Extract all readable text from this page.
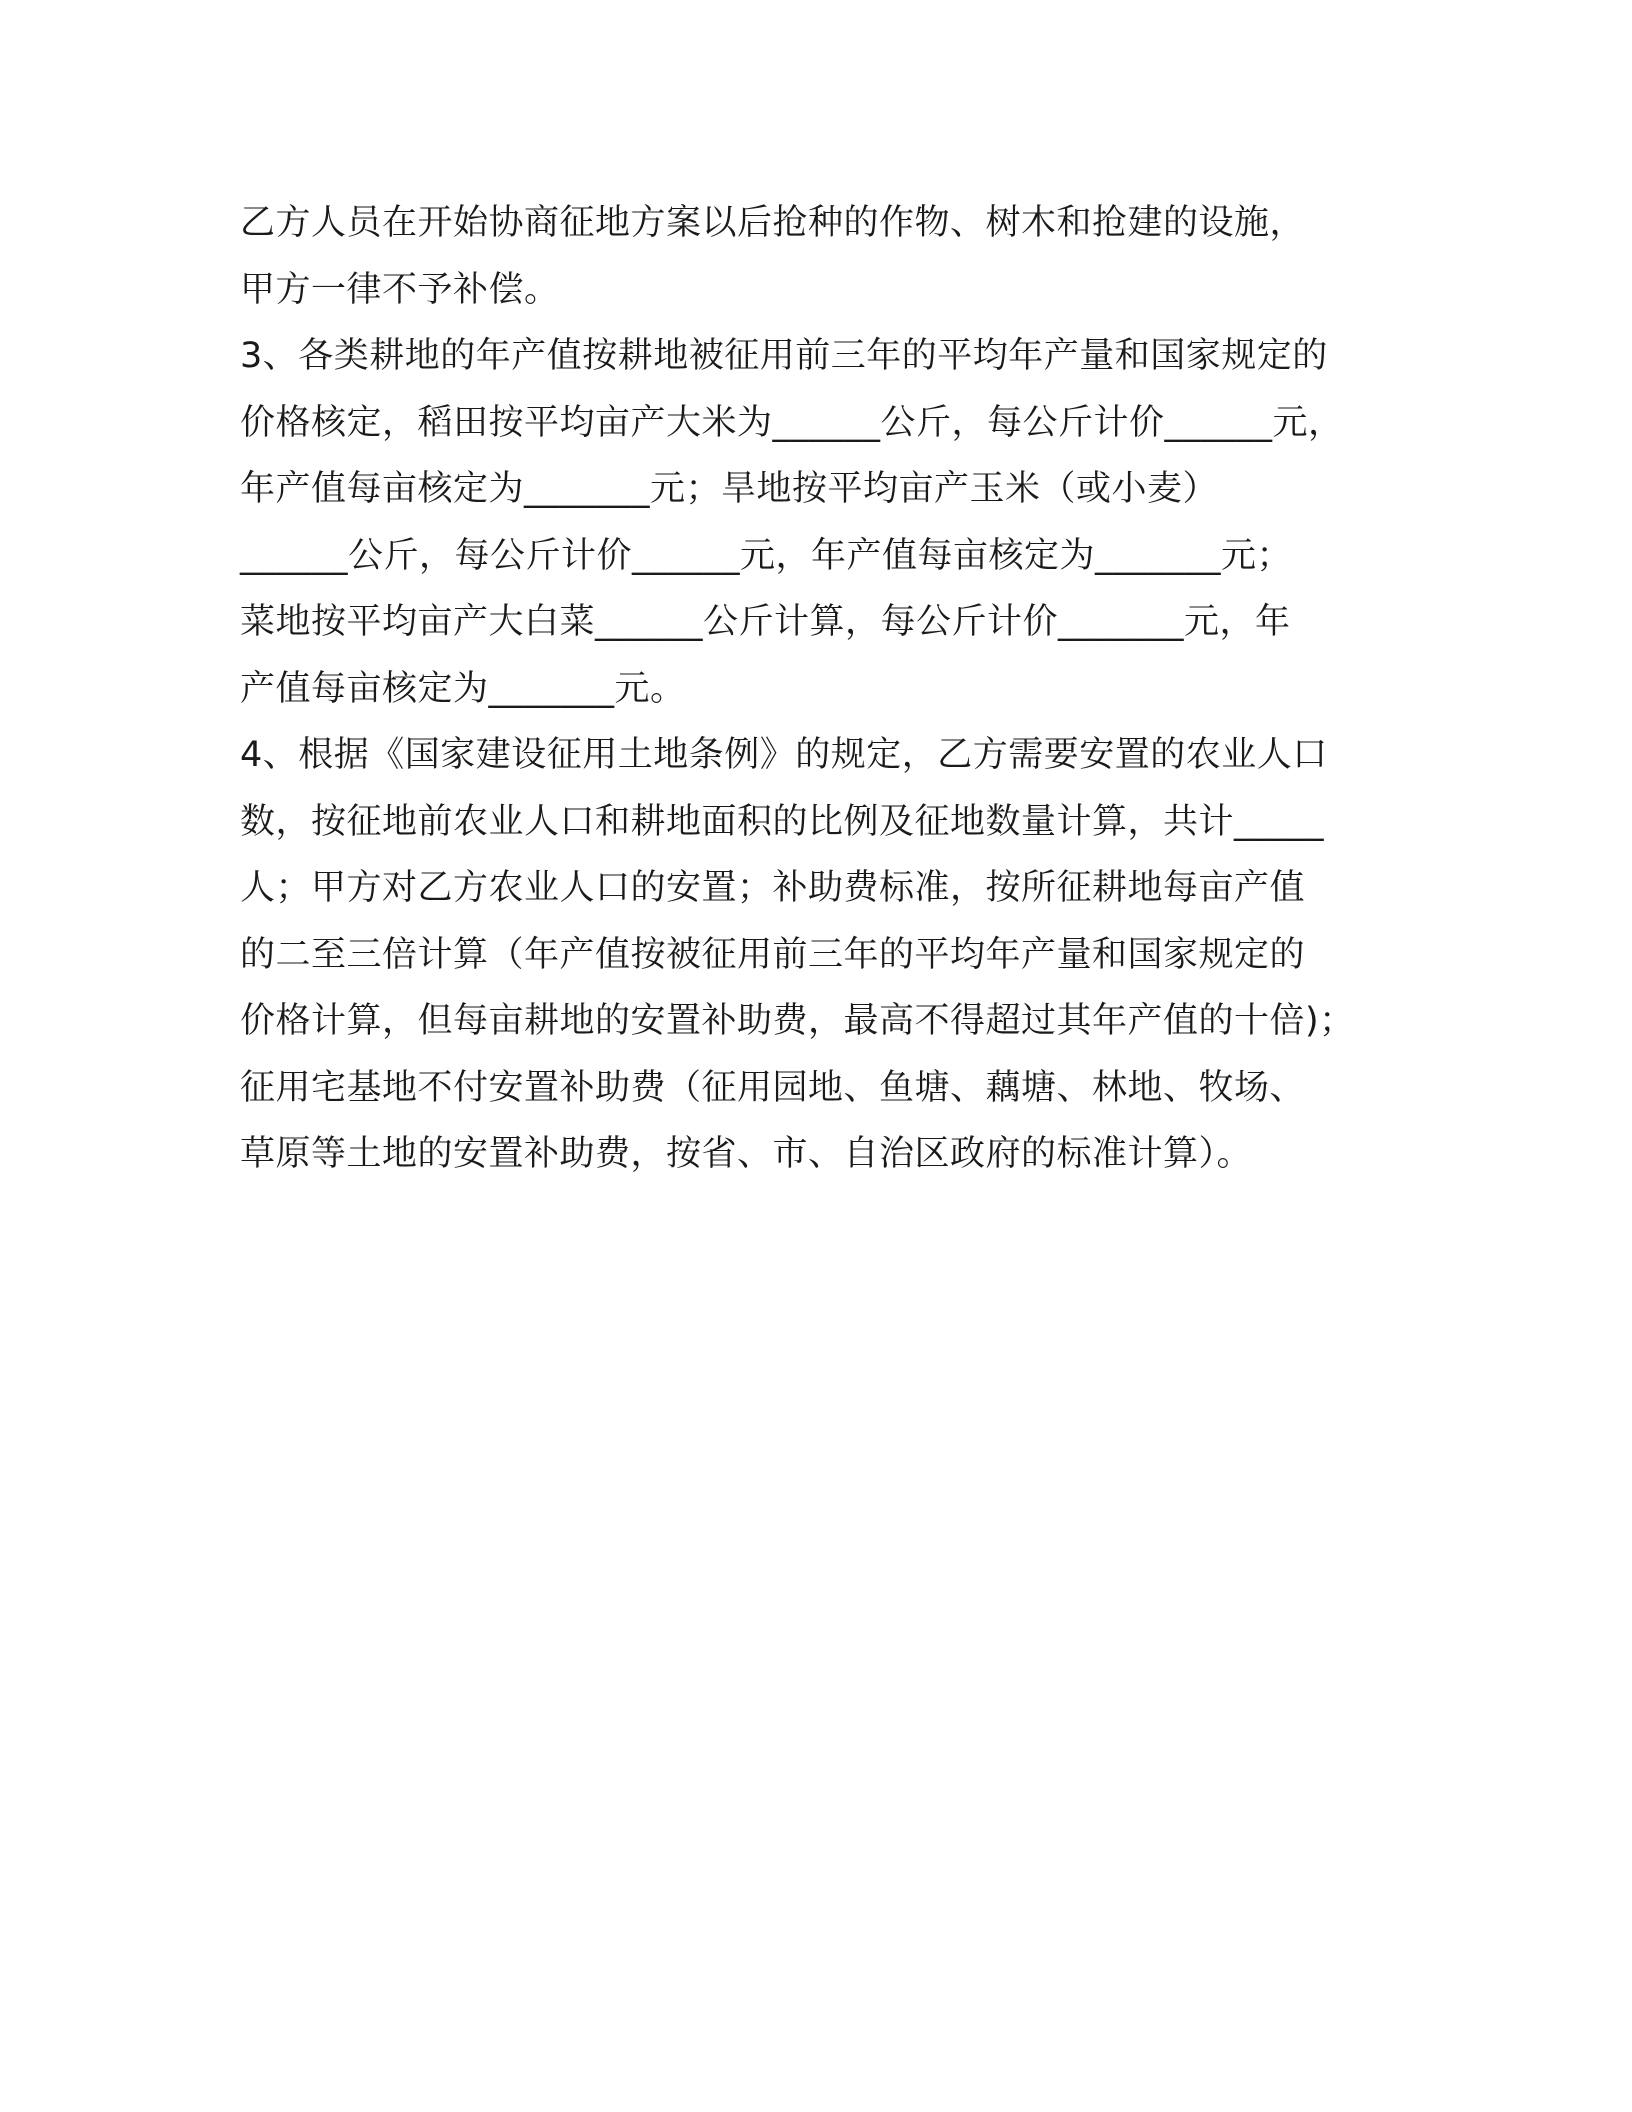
乙方人员在开始协商征地方案以后抢种的作物、树木和抢建的设施，
甲方一律不予补偿。
3、各类耕地的年产值按耕地被征用前三年的平均年产量和国家规定的
价格核定，稻田按平均亩产大米为______公斤，每公斤计价______元，
年产值每亩核定为_______元；旱地按平均亩产玉米（或小麦）
______公斤，每公斤计价______元，年产值每亩核定为_______元；
菜地按平均亩产大白菜______公斤计算，每公斤计价_______元，年
产值每亩核定为_______元。
4、根据《国家建设征用土地条例》的规定，乙方需要安置的农业人口
数，按征地前农业人口和耕地面积的比例及征地数量计算，共计_____
人；甲方对乙方农业人口的安置；补助费标准，按所征耕地每亩产值
的二至三倍计算（年产值按被征用前三年的平均年产量和国家规定的
价格计算，但每亩耕地的安置补助费，最高不得超过其年产值的十倍)；
征用宅基地不付安置补助费（征用园地、鱼塘、藕塘、林地、牧场、
草原等土地的安置补助费，按省、市、自治区政府的标准计算）。
